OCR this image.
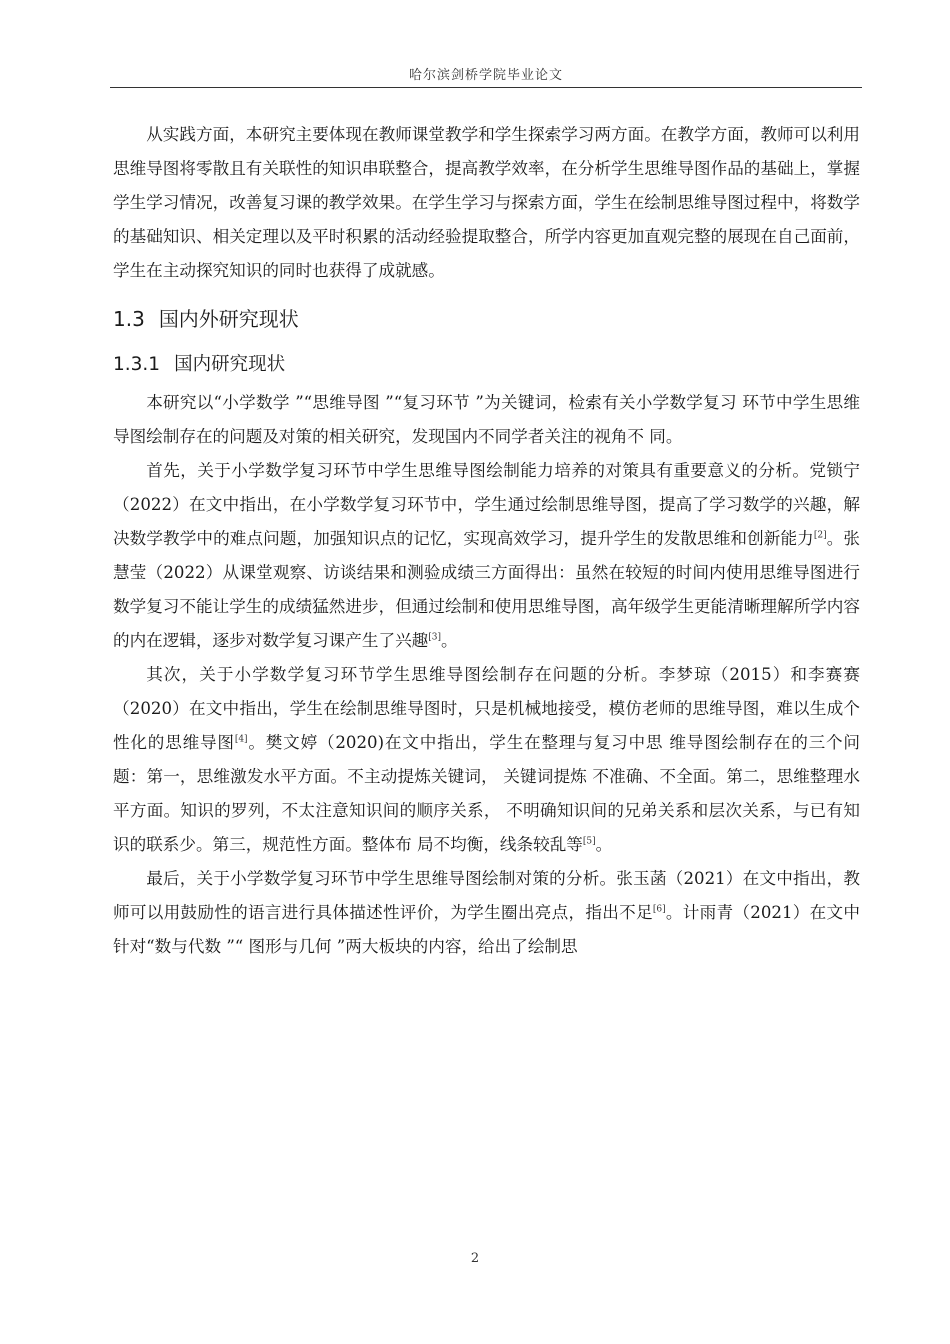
哈尔滨剑桥学院毕业论文

从实践方面，本研究主要体现在教师课堂教学和学生探索学习两方面。在教学方面，教师可以利用思维导图将零散且有关联性的知识串联整合，提高教学效率，在分析学生思维导图作品的基础上，掌握学生学习情况，改善复习课的教学效果。在学生学习与探索方面，学生在绘制思维导图过程中，将数学的基础知识、相关定理以及平时积累的活动经验提取整合，所学内容更加直观完整的展现在自己面前，学生在主动探究知识的同时也获得了成就感。

1.3 国内外研究现状
1.3.1 国内研究现状

本研究以“小学数学 ”“思维导图 ”“复习环节 ”为关键词，检索有关小学数学复习 环节中学生思维导图绘制存在的问题及对策的相关研究，发现国内不同学者关注的视角不 同。

首先，关于小学数学复习环节中学生思维导图绘制能力培养的对策具有重要意义的分析。党锁宁（2022）在文中指出，在小学数学复习环节中，学生通过绘制思维导图，提高了学习数学的兴趣，解决数学教学中的难点问题，加强知识点的记忆，实现高效学习，提升学生的发散思维和创新能力[2]。张慧莹（2022）从课堂观察、访谈结果和测验成绩三方面得出：虽然在较短的时间内使用思维导图进行数学复习不能让学生的成绩猛然进步，但通过绘制和使用思维导图，高年级学生更能清晰理解所学内容的内在逻辑，逐步对数学复习课产生了兴趣[3]。

其次，关于小学数学复习环节学生思维导图绘制存在问题的分析。李梦琼（2015）和李赛赛（2020）在文中指出，学生在绘制思维导图时，只是机械地接受，模仿老师的思维导图，难以生成个性化的思维导图[4]。樊文婷（2020)在文中指出，学生在整理与复习中思 维导图绘制存在的三个问题：第一，思维激发水平方面。不主动提炼关键词， 关键词提炼 不准确、不全面。第二，思维整理水平方面。知识的罗列，不太注意知识间的顺序关系， 不明确知识间的兄弟关系和层次关系，与已有知识的联系少。第三，规范性方面。整体布 局不均衡，线条较乱等[5]。

最后，关于小学数学复习环节中学生思维导图绘制对策的分析。张玉菡（2021）在文中指出，教师可以用鼓励性的语言进行具体描述性评价，为学生圈出亮点，指出不足[6]。计雨青（2021）在文中针对“数与代数 ”“ 图形与几何 ”两大板块的内容，给出了绘制思

2
